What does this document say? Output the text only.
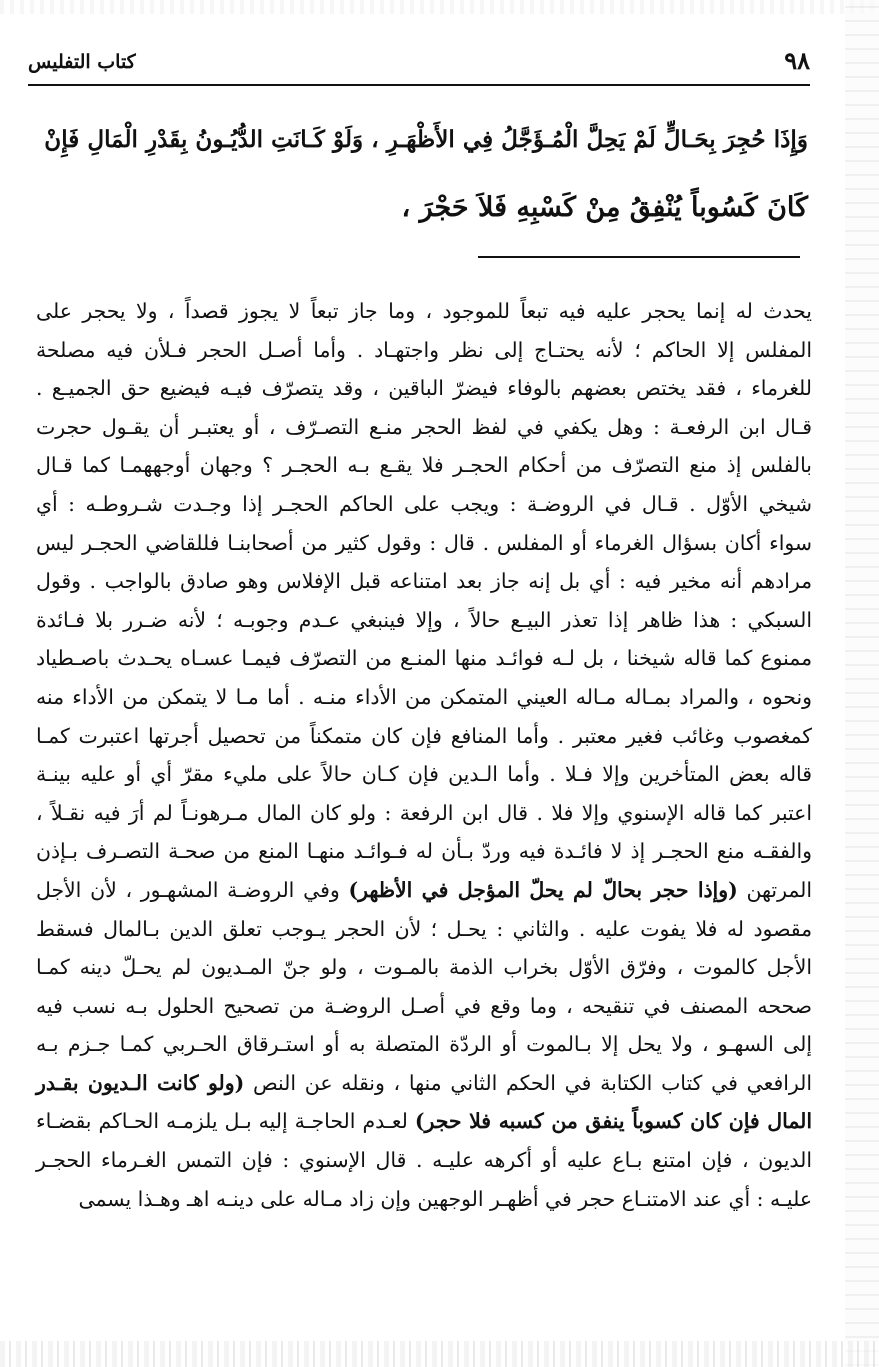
٩٨
كتاب التفليس
وَإِذَا حُجِرَ بِحَـالٍّ لَمْ يَحِلَّ الْمُـؤَجَّلُ فِي الأَظْهَـرِ ، وَلَوْ كَـانَتِ الدُّيُـونُ بِقَدْرِ الْمَالِ فَإِنْ
كَانَ كَسُوباً يُنْفِقُ مِنْ كَسْبِهِ فَلاَ حَجْرَ ،
يحدث له إنما يحجر عليه فيه تبعاً للموجود ، وما جاز تبعاً لا يجوز قصداً ، ولا يحجر على
المفلس إلا الحاكم ؛ لأنه يحتـاج إلى نظر واجتهـاد . وأما أصـل الحجر فـلأن فيه مصلحة
للغرماء ، فقد يختص بعضهم بالوفاء فيضرّ الباقين ، وقد يتصرّف فيـه فيضيع حق الجميـع .
قـال ابن الرفعـة : وهل يكفي في لفظ الحجر منـع التصـرّف ، أو يعتبـر أن يقـول حجرت
بالفلس إذ منع التصرّف من أحكام الحجـر فلا يقـع بـه الحجـر ؟ وجهان أوجههمـا كما قـال
شيخي الأوّل . قـال في الروضـة : ويجب على الحاكم الحجـر إذا وجـدت شـروطـه : أي
سواء أكان بسؤال الغرماء أو المفلس . قال : وقول كثير من أصحابنـا فللقاضي الحجـر ليس
مرادهم أنه مخير فيه : أي بل إنه جاز بعد امتناعه قبل الإفلاس وهو صادق بالواجب . وقول
السبكي : هذا ظاهر إذا تعذر البيـع حالاً ، وإلا فينبغي عـدم وجوبـه ؛ لأنه ضـرر بلا فـائدة
ممنوع كما قاله شيخنا ، بل لـه فوائـد منها المنـع من التصرّف فيمـا عسـاه يحـدث باصـطياد
ونحوه ، والمراد بمـاله مـاله العيني المتمكن من الأداء منـه . أما مـا لا يتمكن من الأداء منه
كمغصوب وغائب فغير معتبر . وأما المنافع فإن كان متمكناً من تحصيل أجرتها اعتبرت كمـا
قاله بعض المتأخرين وإلا فـلا . وأما الـدين فإن كـان حالاً على مليء مقرّ أي أو عليه بينـة
اعتبر كما قاله الإسنوي وإلا فلا . قال ابن الرفعة : ولو كان المال مـرهونـاً لم أرَ فيه نقـلاً ،
والفقـه منع الحجـر إذ لا فائـدة فيه وردّ بـأن له فـوائـد منهـا المنع من صحـة التصـرف بـإذن
المرتهن (وإذا حجر بحالّ لم يحلّ المؤجل في الأظهر) وفي الروضـة المشهـور ، لأن الأجل
مقصود له فلا يفوت عليه . والثاني : يحـل ؛ لأن الحجر يـوجب تعلق الدين بـالمال فسقط
الأجل كالموت ، وفرّق الأوّل بخراب الذمة بالمـوت ، ولو جنّ المـديون لم يحـلّ دينه كمـا
صححه المصنف في تنقيحه ، وما وقع في أصـل الروضـة من تصحيح الحلول بـه نسب فيه
إلى السهـو ، ولا يحل إلا بـالموت أو الردّة المتصلة به أو استـرقاق الحـربي كمـا جـزم بـه
الرافعي في كتاب الكتابة في الحكم الثاني منها ، ونقله عن النص (ولو كانت الـديون بقـدر
المال فإن كان كسوباً ينفق من كسبه فلا حجر) لعـدم الحاجـة إليه بـل يلزمـه الحـاكم بقضـاء
الديون ، فإن امتنع بـاع عليه أو أكرهه عليـه . قال الإسنوي : فإن التمس الغـرماء الحجـر
عليـه : أي عند الامتنـاع حجر في أظهـر الوجهين وإن زاد مـاله على دينـه اهـ وهـذا يسمى
